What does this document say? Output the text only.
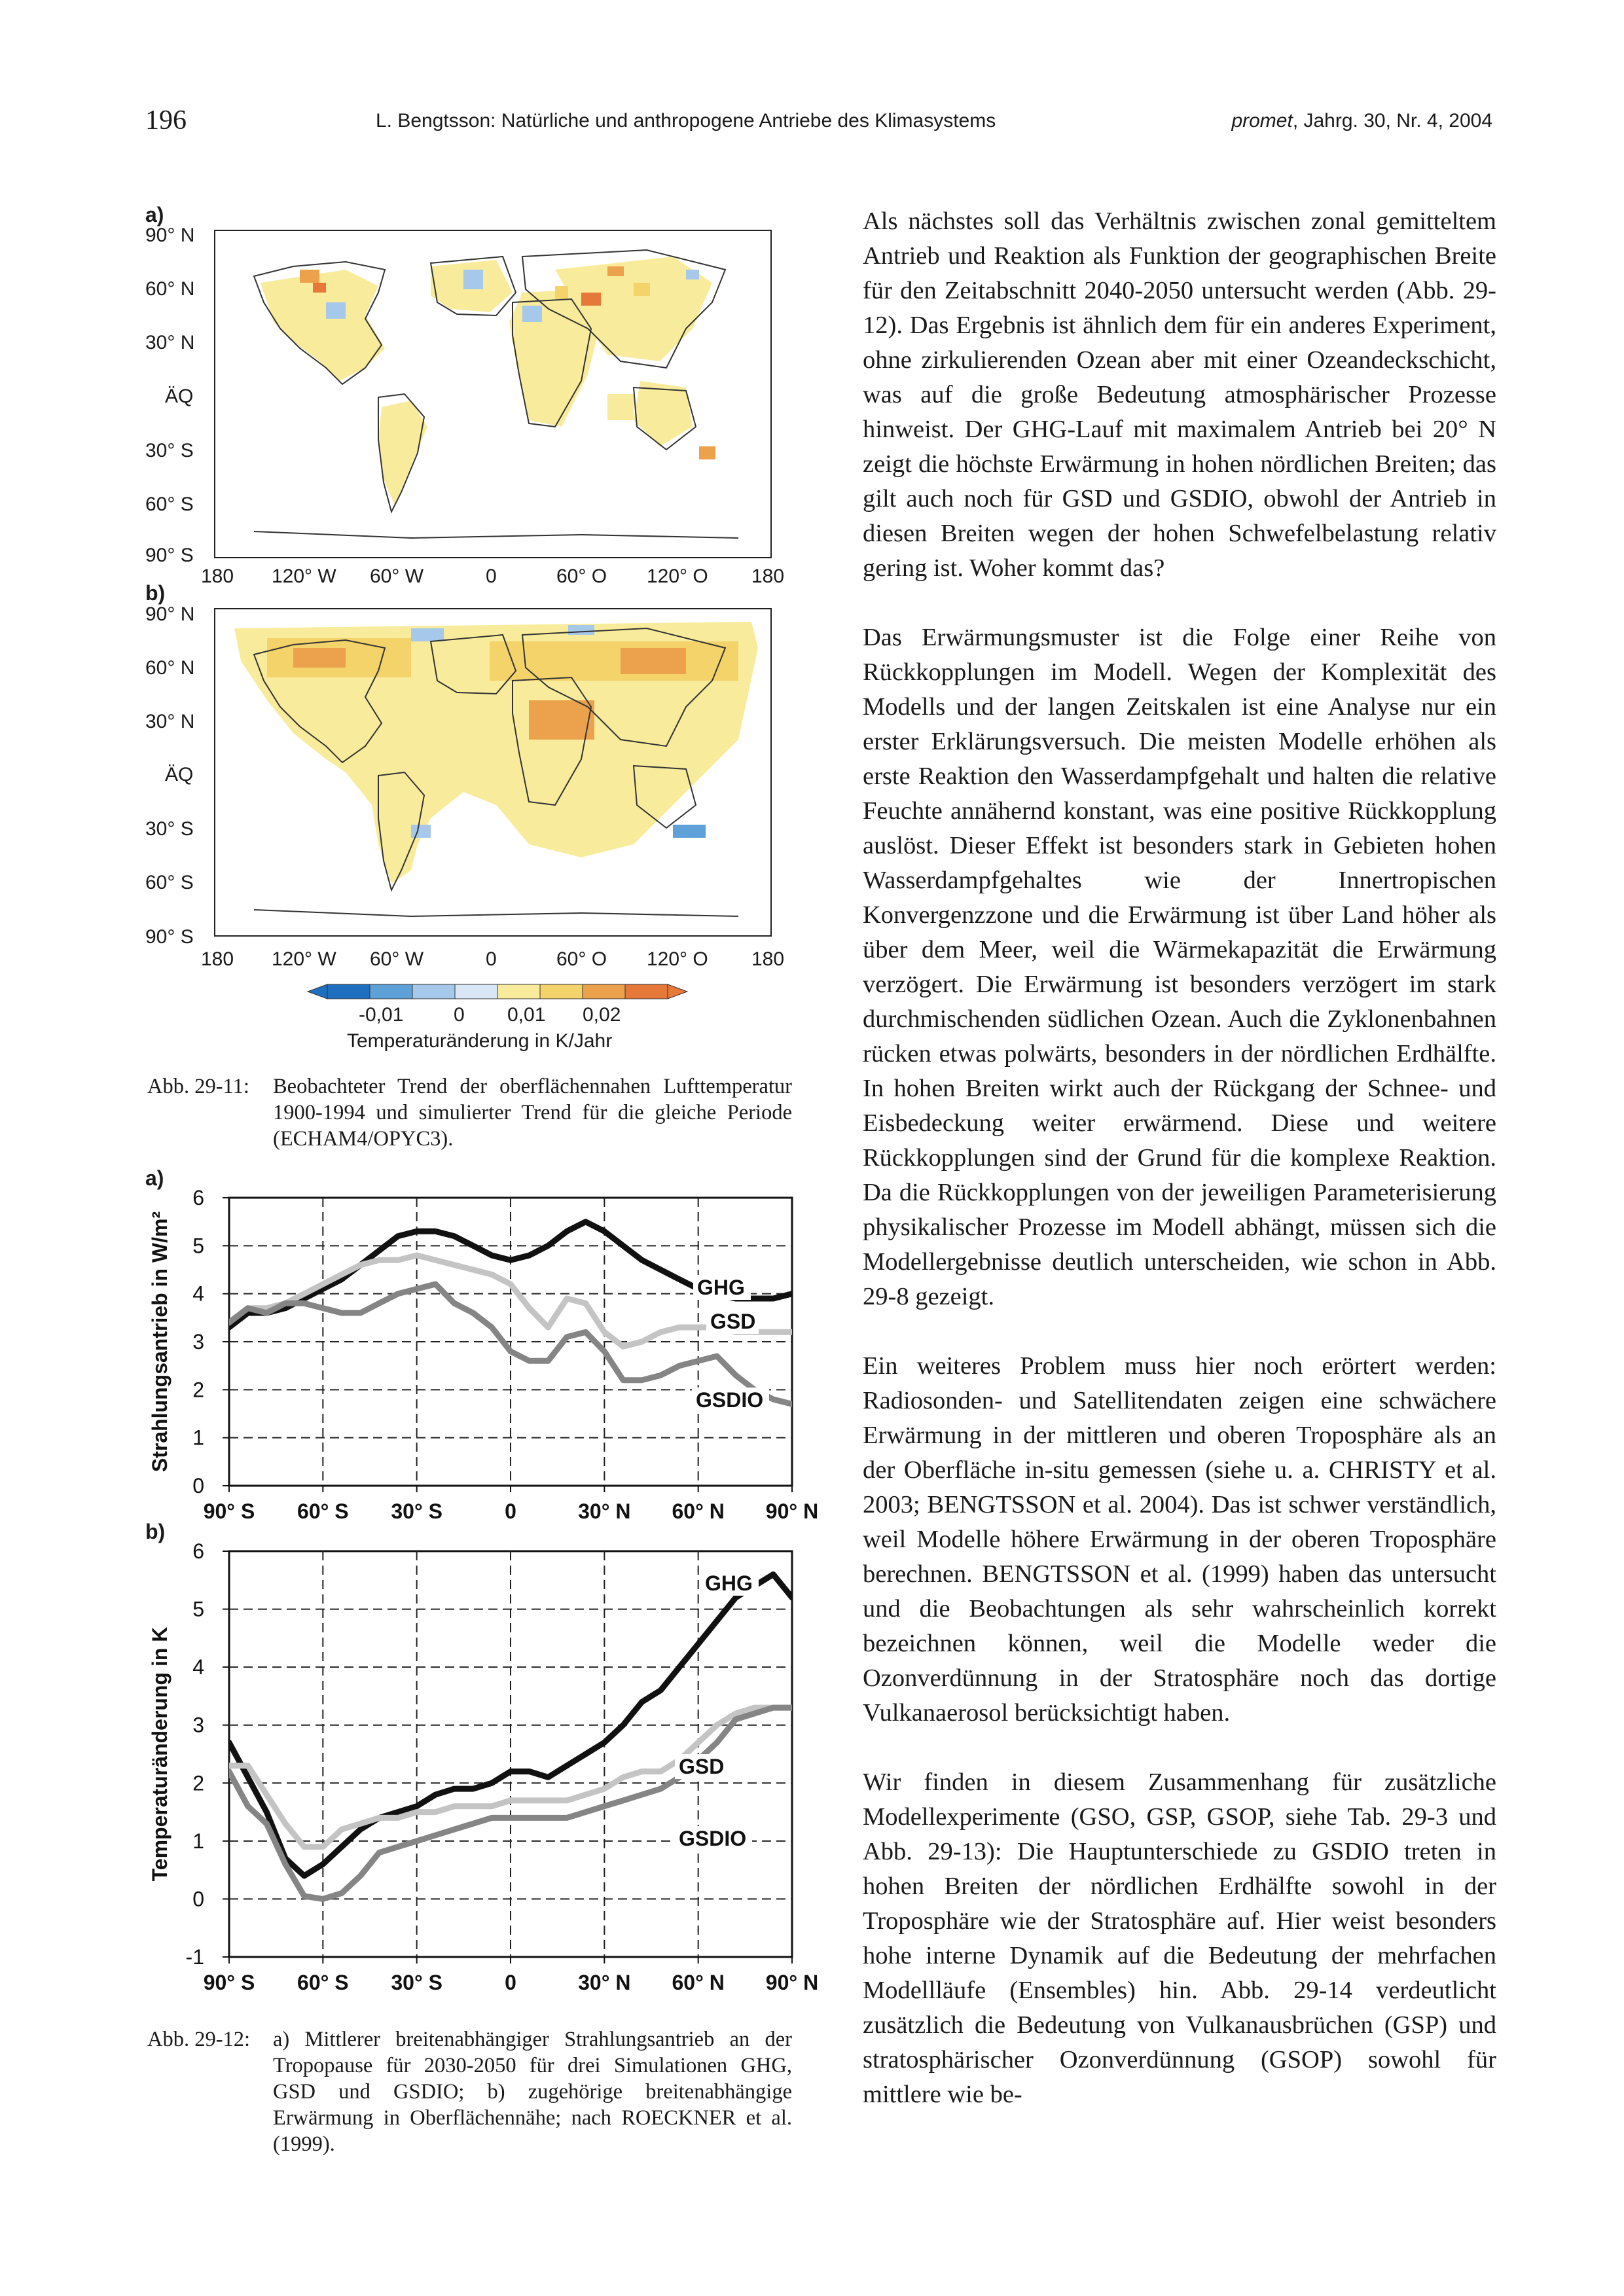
196	L. Bengtsson: Natürliche und anthropogene Antriebe des Klimasystems	promet, Jahrg. 30, Nr. 4, 2004
a)
b)
90° N
60° N
30° N
ÄQ
30° S
60° S
90° S
180 120° W 60° W	0	60° O 120° O 180
90° N
60° N
30° N
ÄQ
30° S
60° S
90° S
180 120° W 60° W	0	60° O 120° O 180
-0,01	0 0,01 0,02
Temperaturänderung in K/Jahr
Abb. 29-11: Beobachteter Trend der oberflächennahen Lufttemperatur 1900-1994 und simulierter Trend für die gleiche Periode (ECHAM4/OPYC3).
a)
b)
0
1
2
3
4
5
6
90° S 60° S 30° S	0	30° N 60° N 90° N
Strahlungsantrieb in W/m²	GHG
GSD
GSDIO
-1
0
1
2
3
4
5
6
90° S 60° S 30° S	0	30° N 60° N 90° N
Temperaturänderung in K
GHG
GSD
GSDIO
Abb. 29-12: a) Mittlerer breitenabhängiger Strahlungsantrieb an der Tropopause für 2030-2050 für drei Simulationen GHG, GSD und GSDIO; b) zugehörige breitenabhängige Erwärmung in Oberflächennähe; nach ROECKNER et al. (1999).

Als nächstes soll das Verhältnis zwischen zonal gemitteltem Antrieb und Reaktion als Funktion der geographischen Breite für den Zeitabschnitt 2040-2050 untersucht werden (Abb. 29-12). Das Ergebnis ist ähnlich dem für ein anderes Experiment, ohne zirkulierenden Ozean aber mit einer Ozeandeckschicht, was auf die große Bedeutung atmosphärischer Prozesse hinweist. Der GHG-Lauf mit maximalem Antrieb bei 20° N zeigt die höchste Erwärmung in hohen nördlichen Breiten; das gilt auch noch für GSD und GSDIO, obwohl der Antrieb in diesen Breiten wegen der hohen Schwefelbelastung relativ gering ist. Woher kommt das?

Das Erwärmungsmuster ist die Folge einer Reihe von Rückkopplungen im Modell. Wegen der Komplexität des Modells und der langen Zeitskalen ist eine Analyse nur ein erster Erklärungsversuch. Die meisten Modelle erhöhen als erste Reaktion den Wasserdampfgehalt und halten die relative Feuchte annähernd konstant, was eine positive Rückkopplung auslöst. Dieser Effekt ist besonders stark in Gebieten hohen Wasserdampfgehaltes wie der Innertropischen Konvergenzzone und die Erwärmung ist über Land höher als über dem Meer, weil die Wärmekapazität die Erwärmung verzögert. Die Erwärmung ist besonders verzögert im stark durchmischenden südlichen Ozean. Auch die Zyklonenbahnen rücken etwas polwärts, besonders in der nördlichen Erdhälfte. In hohen Breiten wirkt auch der Rückgang der Schnee- und Eisbedeckung weiter erwärmend. Diese und weitere Rückkopplungen sind der Grund für die komplexe Reaktion. Da die Rückkopplungen von der jeweiligen Parameterisierung physikalischer Prozesse im Modell abhängt, müssen sich die Modellergebnisse deutlich unterscheiden, wie schon in Abb. 29-8 gezeigt.

Ein weiteres Problem muss hier noch erörtert werden: Radiosonden- und Satellitendaten zeigen eine schwächere Erwärmung in der mittleren und oberen Troposphäre als an der Oberfläche in-situ gemessen (siehe u. a. CHRISTY et al. 2003; BENGTSSON et al. 2004). Das ist schwer verständlich, weil Modelle höhere Erwärmung in der oberen Troposphäre berechnen. BENGTSSON et al. (1999) haben das untersucht und die Beobachtungen als sehr wahrscheinlich korrekt bezeichnen können, weil die Modelle weder die Ozonverdünnung in der Stratosphäre noch das dortige Vulkanaerosol berücksichtigt haben.

Wir finden in diesem Zusammenhang für zusätzliche Modellexperimente (GSO, GSP, GSOP, siehe Tab. 29-3 und Abb. 29-13): Die Hauptunterschiede zu GSDIO treten in hohen Breiten der nördlichen Erdhälfte sowohl in der Troposphäre wie der Stratosphäre auf. Hier weist besonders hohe interne Dynamik auf die Bedeutung der mehrfachen Modellläufe (Ensembles) hin. Abb. 29-14 verdeutlicht zusätzlich die Bedeutung von Vulkanausbrüchen (GSP) und stratosphärischer Ozonverdünnung (GSOP) sowohl für mittlere wie be-
